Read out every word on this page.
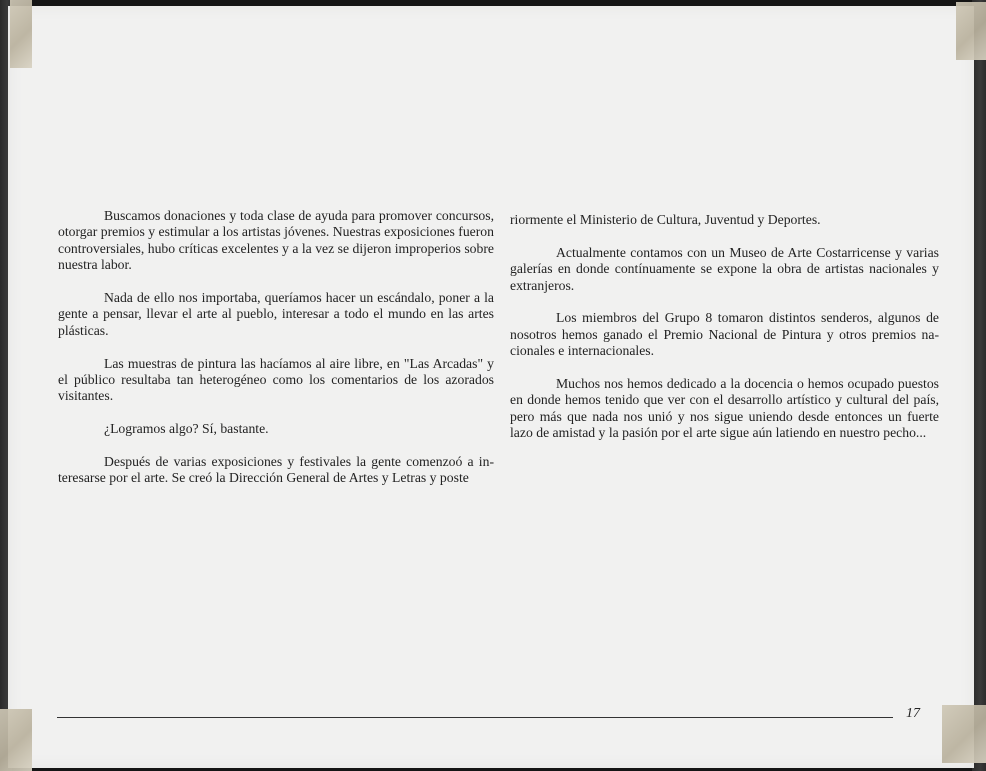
Buscamos donaciones y toda clase de ayuda para promover concursos, otorgar premios y estimular a los artistas jóvenes. Nuestras exposiciones fueron controversiales, hubo críticas excelentes y a la vez se dijeron improperios sobre nuestra labor.

Nada de ello nos importaba, queríamos hacer un escándalo, poner a la gente a pensar, llevar el arte al pueblo, interesar a todo el mundo en las artes plásticas.

Las muestras de pintura las hacíamos al aire libre, en "Las Arcadas" y el público resultaba tan heterogéneo como los comentarios de los azorados visitantes.

¿Logramos algo? Sí, bastante.

Después de varias exposiciones y festivales la gente comenzoó a interesarse por el arte. Se creó la Dirección General de Artes y Letras y poste

riormente el Ministerio de Cultura, Juventud y Deportes.

Actualmente contamos con un Museo de Arte Costarricense y varias galerías en donde contínuamente se expone la obra de artistas nacionales y extranjeros.

Los miembros del Grupo 8 tomaron distintos senderos, algunos de nosotros hemos ganado el Premio Nacional de Pintura y otros premios nacionales e internacionales.

Muchos nos hemos dedicado a la docencia o hemos ocupado puestos en donde hemos tenido que ver con el desarrollo artístico y cultural del país, pero más que nada nos unió y nos sigue uniendo desde entonces un fuerte lazo de amistad y la pasión por el arte sigue aún latiendo en nuestro pecho...

17
